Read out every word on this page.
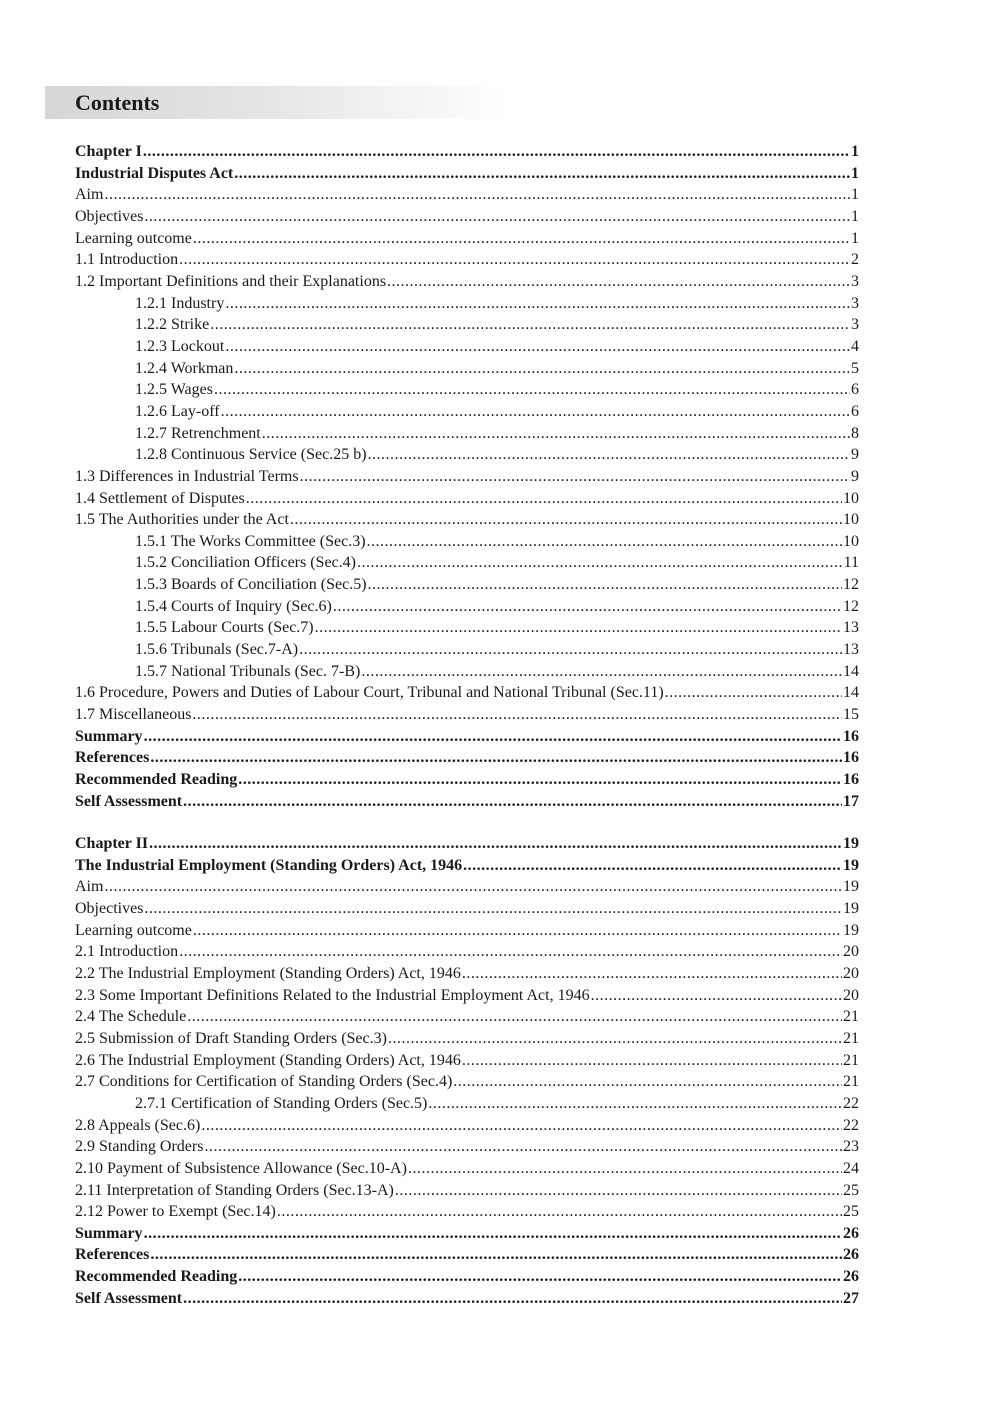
Contents
Chapter I .....	1
Industrial Disputes Act .....	1
Aim .....	1
Objectives .....	1
Learning outcome .....	1
1.1 Introduction .....	2
1.2 Important Definitions and their Explanations .....	3
1.2.1 Industry .....	3
1.2.2 Strike .....	3
1.2.3 Lockout .....	4
1.2.4 Workman .....	5
1.2.5 Wages .....	6
1.2.6 Lay-off .....	6
1.2.7 Retrenchment .....	8
1.2.8 Continuous Service (Sec.25 b) .....	9
1.3 Differences in Industrial Terms .....	9
1.4 Settlement of Disputes .....	10
1.5 The Authorities under the Act .....	10
1.5.1 The Works Committee (Sec.3) .....	10
1.5.2 Conciliation Officers (Sec.4) .....	11
1.5.3 Boards of Conciliation (Sec.5) .....	12
1.5.4 Courts of Inquiry (Sec.6) .....	12
1.5.5 Labour Courts (Sec.7) .....	13
1.5.6 Tribunals (Sec.7-A) .....	13
1.5.7 National Tribunals (Sec. 7-B) .....	14
1.6 Procedure, Powers and Duties of Labour Court, Tribunal and National Tribunal (Sec.11) .....	14
1.7 Miscellaneous .....	15
Summary .....	16
References .....	16
Recommended Reading .....	16
Self Assessment .....	17
Chapter II .....	19
The Industrial Employment (Standing Orders) Act, 1946 .....	19
Aim .....	19
Objectives .....	19
Learning outcome .....	19
2.1 Introduction .....	20
2.2 The Industrial Employment (Standing Orders) Act, 1946 .....	20
2.3 Some Important Definitions Related to the Industrial Employment Act, 1946 .....	20
2.4 The Schedule .....	21
2.5 Submission of Draft Standing Orders (Sec.3) .....	21
2.6 The Industrial Employment (Standing Orders) Act, 1946 .....	21
2.7 Conditions for Certification of Standing Orders (Sec.4) .....	21
2.7.1 Certification of Standing Orders (Sec.5) .....	22
2.8 Appeals (Sec.6) .....	22
2.9 Standing Orders .....	23
2.10 Payment of Subsistence Allowance (Sec.10-A) .....	24
2.11 Interpretation of Standing Orders (Sec.13-A) .....	25
2.12 Power to Exempt (Sec.14) .....	25
Summary .....	26
References .....	26
Recommended Reading .....	26
Self Assessment .....	27
